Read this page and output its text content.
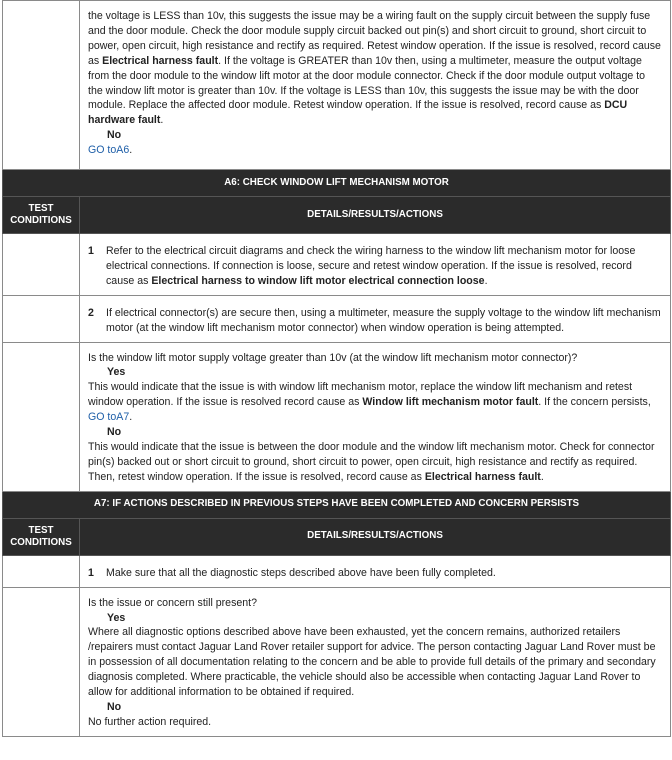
	the voltage is LESS than 10v, this suggests the issue may be a wiring fault on the supply circuit between the supply fuse and the door module. Check the door module supply circuit backed out pin(s) and short circuit to ground, short circuit to power, open circuit, high resistance and rectify as required. Retest window operation. If the issue is resolved, record cause as Electrical harness fault. If the voltage is GREATER than 10v then, using a multimeter, measure the output voltage from the door module to the window lift motor at the door module connector. Check if the door module output voltage to the window lift motor is greater than 10v. If the voltage is LESS than 10v, this suggests the issue may be with the door module. Replace the affected door module. Retest window operation. If the issue is resolved, record cause as DCU hardware fault.
No
GO toA6.

A6: CHECK WINDOW LIFT MECHANISM MOTOR	
TEST CONDITIONS	DETAILS/RESULTS/ACTIONS

	1 Refer to the electrical circuit diagrams and check the wiring harness to the window lift mechanism motor for loose electrical connections. If connection is loose, secure and retest window operation. If the issue is resolved, record cause as Electrical harness to window lift motor electrical connection loose.

	2 If electrical connector(s) are secure then, using a multimeter, measure the supply voltage to the window lift mechanism motor (at the window lift mechanism motor connector) when window operation is being attempted.

	Is the window lift motor supply voltage greater than 10v (at the window lift mechanism motor connector)?
Yes
This would indicate that the issue is with window lift mechanism motor, replace the window lift mechanism and retest window operation. If the issue is resolved record cause as Window lift mechanism motor fault. If the concern persists, GO toA7.
No
This would indicate that the issue is between the door module and the window lift mechanism motor. Check for connector pin(s) backed out or short circuit to ground, short circuit to power, open circuit, high resistance and rectify as required. Then, retest window operation. If the issue is resolved, record cause as Electrical harness fault.

A7: IF ACTIONS DESCRIBED IN PREVIOUS STEPS HAVE BEEN COMPLETED AND CONCERN PERSISTS	
TEST CONDITIONS	DETAILS/RESULTS/ACTIONS

	1 Make sure that all the diagnostic steps described above have been fully completed.

	Is the issue or concern still present?
Yes
Where all diagnostic options described above have been exhausted, yet the concern remains, authorized retailers /repairers must contact Jaguar Land Rover retailer support for advice. The person contacting Jaguar Land Rover must be in possession of all documentation relating to the concern and be able to provide full details of the primary and secondary diagnosis completed. Where practicable, the vehicle should also be accessible when contacting Jaguar Land Rover to allow for additional information to be obtained if required.
No
No further action required.
